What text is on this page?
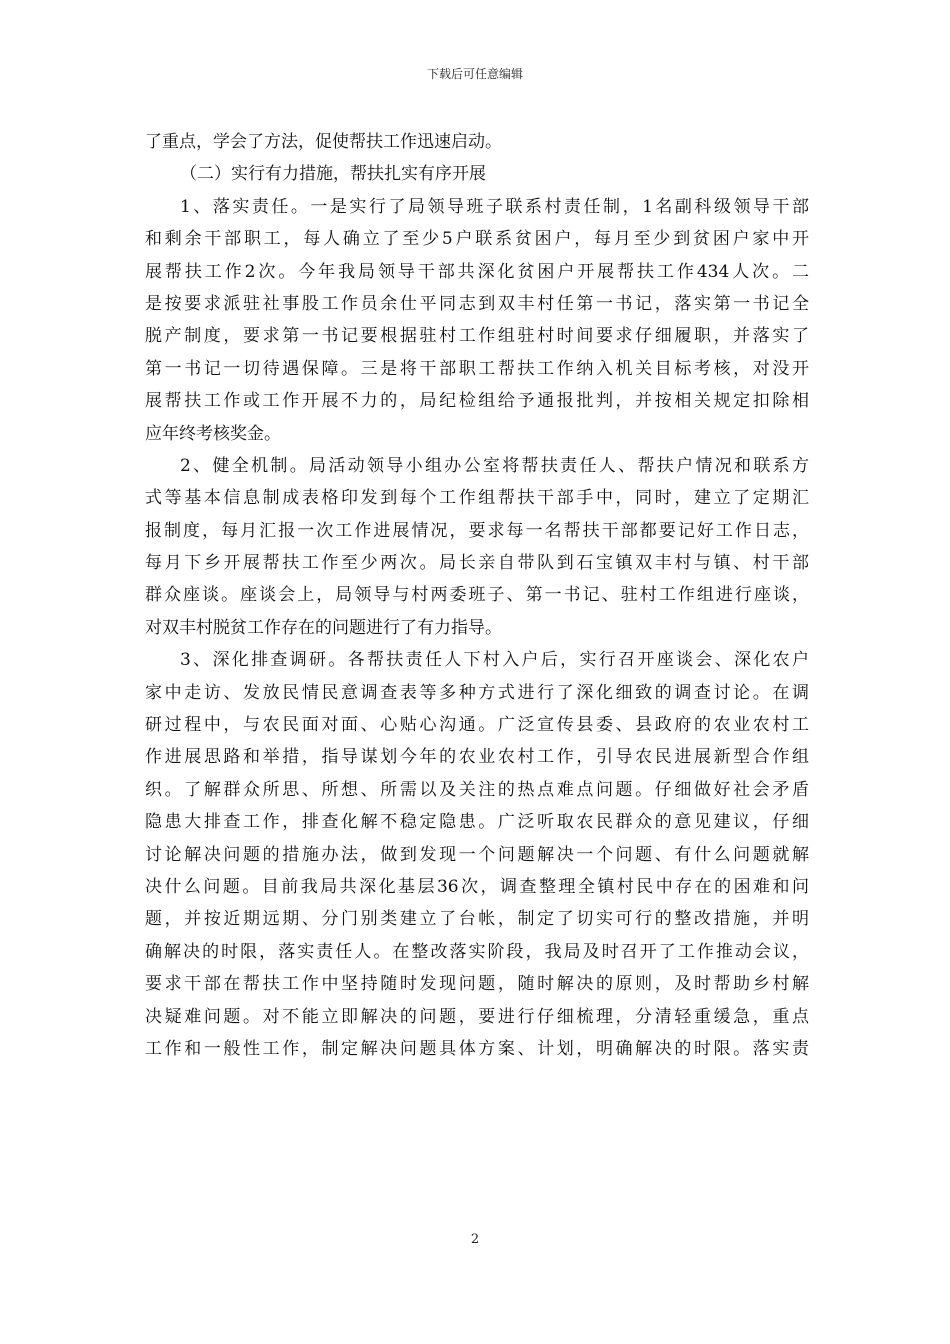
下载后可任意编辑
了重点，学会了方法，促使帮扶工作迅速启动。
（二）实行有力措施，帮扶扎实有序开展
1、落实责任。一是实行了局领导班子联系村责任制，1名副科级领导干部
和剩余干部职工，每人确立了至少5户联系贫困户，每月至少到贫困户家中开
展帮扶工作2次。今年我局领导干部共深化贫困户开展帮扶工作434人次。二
是按要求派驻社事股工作员余仕平同志到双丰村任第一书记，落实第一书记全
脱产制度，要求第一书记要根据驻村工作组驻村时间要求仔细履职，并落实了
第一书记一切待遇保障。三是将干部职工帮扶工作纳入机关目标考核，对没开
展帮扶工作或工作开展不力的，局纪检组给予通报批判，并按相关规定扣除相
应年终考核奖金。
2、健全机制。局活动领导小组办公室将帮扶责任人、帮扶户情况和联系方
式等基本信息制成表格印发到每个工作组帮扶干部手中，同时，建立了定期汇
报制度，每月汇报一次工作进展情况，要求每一名帮扶干部都要记好工作日志，
每月下乡开展帮扶工作至少两次。局长亲自带队到石宝镇双丰村与镇、村干部
群众座谈。座谈会上，局领导与村两委班子、第一书记、驻村工作组进行座谈，
对双丰村脱贫工作存在的问题进行了有力指导。
3、深化排查调研。各帮扶责任人下村入户后，实行召开座谈会、深化农户
家中走访、发放民情民意调查表等多种方式进行了深化细致的调查讨论。在调
研过程中，与农民面对面、心贴心沟通。广泛宣传县委、县政府的农业农村工
作进展思路和举措，指导谋划今年的农业农村工作，引导农民进展新型合作组
织。了解群众所思、所想、所需以及关注的热点难点问题。仔细做好社会矛盾
隐患大排查工作，排查化解不稳定隐患。广泛听取农民群众的意见建议，仔细
讨论解决问题的措施办法，做到发现一个问题解决一个问题、有什么问题就解
决什么问题。目前我局共深化基层36次，调查整理全镇村民中存在的困难和问
题，并按近期远期、分门别类建立了台帐，制定了切实可行的整改措施，并明
确解决的时限，落实责任人。在整改落实阶段，我局及时召开了工作推动会议，
要求干部在帮扶工作中坚持随时发现问题，随时解决的原则，及时帮助乡村解
决疑难问题。对不能立即解决的问题，要进行仔细梳理，分清轻重缓急，重点
工作和一般性工作，制定解决问题具体方案、计划，明确解决的时限。落实责
2
